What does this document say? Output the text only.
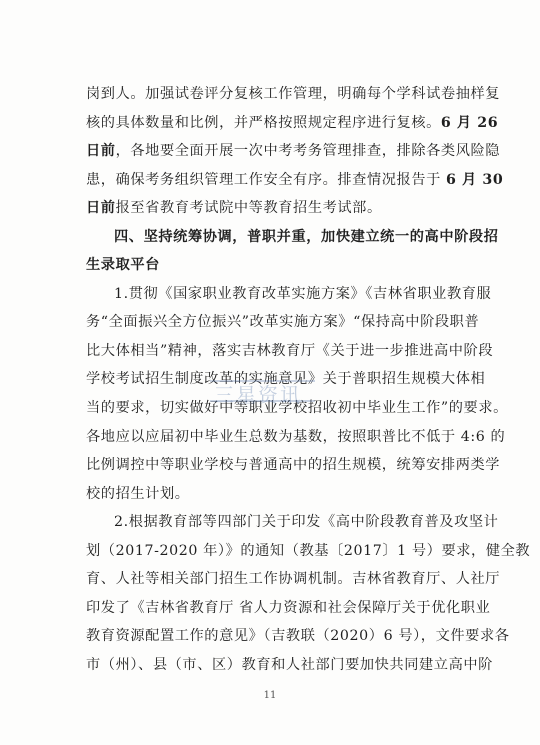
岗到人。加强试卷评分复核工作管理，明确每个学科试卷抽样复
核的具体数量和比例，并严格按照规定程序进行复核。6 月 26
日前，各地要全面开展一次中考考务管理排查，排除各类风险隐
患，确保考务组织管理工作安全有序。排查情况报告于 6 月 30
日前报至省教育考试院中等教育招生考试部。
四、坚持统筹协调，普职并重，加快建立统一的高中阶段招
生录取平台
1.贯彻《国家职业教育改革实施方案》《吉林省职业教育服
务“全面振兴全方位振兴”改革实施方案》“保持高中阶段职普
比大体相当”精神，落实吉林教育厅《关于进一步推进高中阶段
学校考试招生制度改革的实施意见》关于普职招生规模大体相
当的要求，切实做好中等职业学校招收初中毕业生工作”的要求。
各地应以应届初中毕业生总数为基数，按照职普比不低于 4:6 的
比例调控中等职业学校与普通高中的招生规模，统筹安排两类学
校的招生计划。
2.根据教育部等四部门关于印发《高中阶段教育普及攻坚计
划（2017-2020 年）》的通知（教基〔2017〕1 号）要求，健全教
育、人社等相关部门招生工作协调机制。吉林省教育厅、人社厅
印发了《吉林省教育厅 省人力资源和社会保障厅关于优化职业
教育资源配置工作的意见》（吉教联（2020）6 号），文件要求各
市（州）、县（市、区）教育和人社部门要加快共同建立高中阶
三星资讯
11
